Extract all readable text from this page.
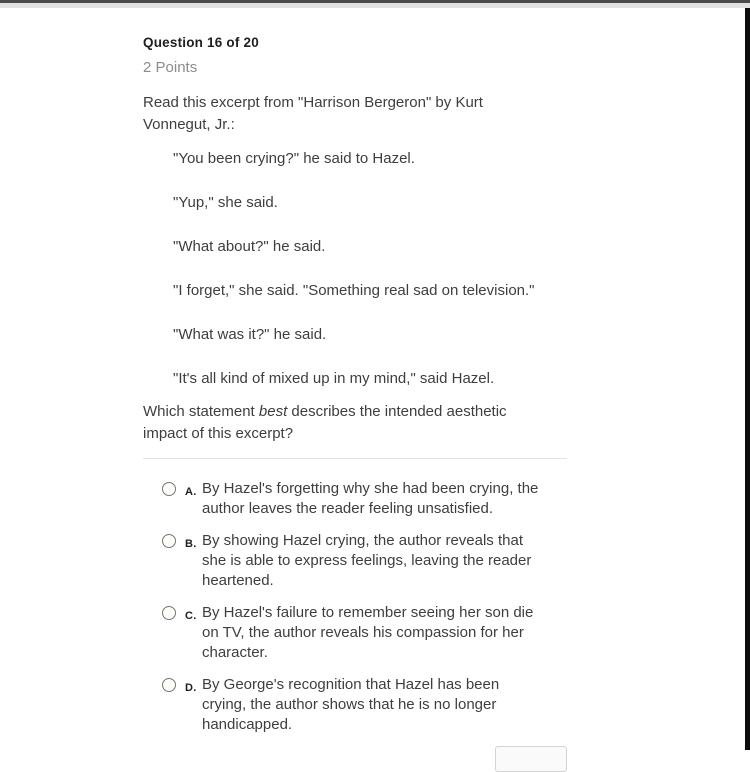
Question 16 of 20
2 Points

Read this excerpt from "Harrison Bergeron" by Kurt
Vonnegut, Jr.:

"You been crying?" he said to Hazel.

"Yup," she said.

"What about?" he said.

"I forget," she said. "Something real sad on television."

"What was it?" he said.

"It's all kind of mixed up in my mind," said Hazel.

Which statement best describes the intended aesthetic
impact of this excerpt?

A. By Hazel's forgetting why she had been crying, the
author leaves the reader feeling unsatisfied.
B. By showing Hazel crying, the author reveals that
she is able to express feelings, leaving the reader
heartened.
C. By Hazel's failure to remember seeing her son die
on TV, the author reveals his compassion for her
character.
D. By George's recognition that Hazel has been
crying, the author shows that he is no longer
handicapped.
